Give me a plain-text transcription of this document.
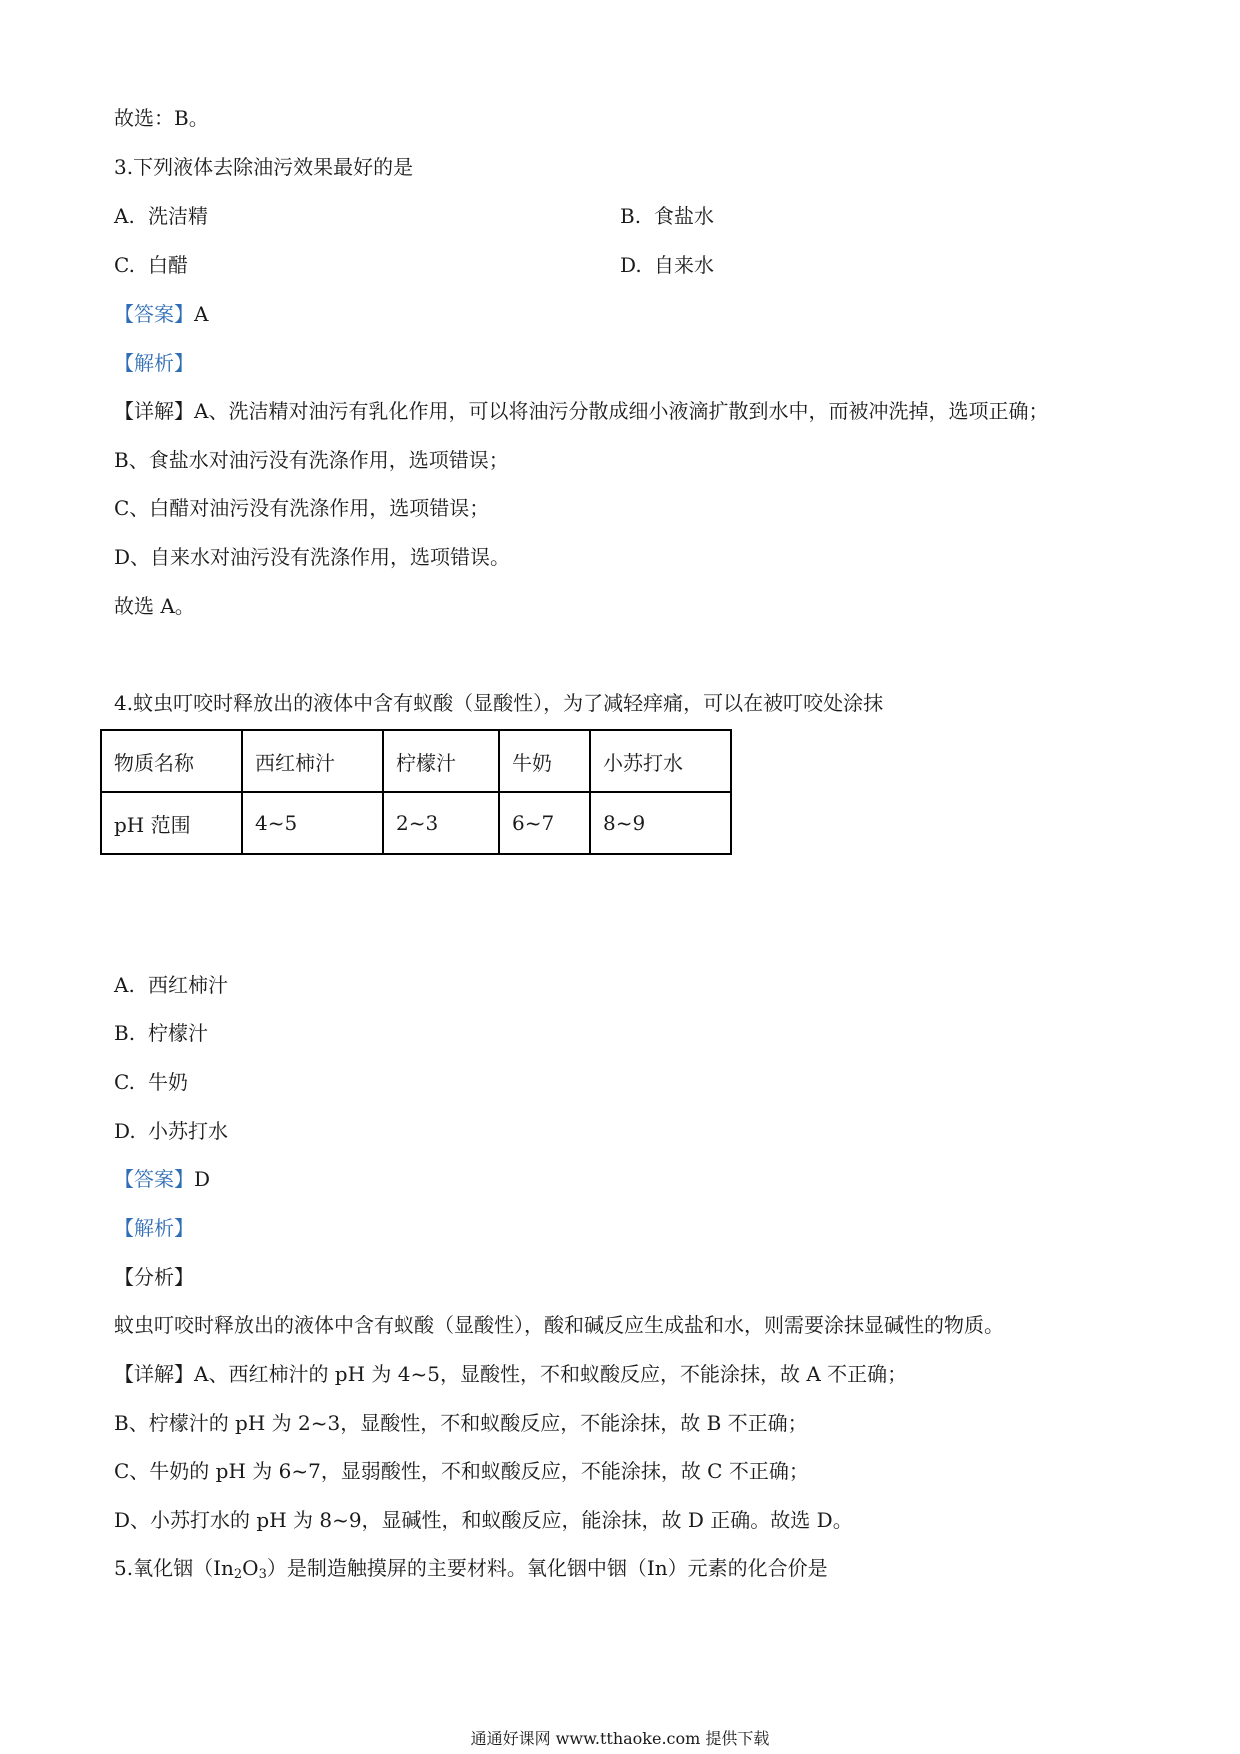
故选：B。

3.下列液体去除油污效果最好的是

A. 洗洁精	B. 食盐水
C. 白醋	D. 自来水

【答案】A

【解析】

【详解】A、洗洁精对油污有乳化作用，可以将油污分散成细小液滴扩散到水中，而被冲洗掉，选项正确；

B、食盐水对油污没有洗涤作用，选项错误；

C、白醋对油污没有洗涤作用，选项错误；

D、自来水对油污没有洗涤作用，选项错误。

故选 A。

4.蚊虫叮咬时释放出的液体中含有蚁酸（显酸性），为了减轻痒痛，可以在被叮咬处涂抹

物质名称	西红柿汁	柠檬汁	牛奶	小苏打水
pH 范围	4~5	2~3	6~7	8~9
A. 西红柿汁
B. 柠檬汁
C. 牛奶
D. 小苏打水

【答案】D

【解析】

【分析】

蚊虫叮咬时释放出的液体中含有蚁酸（显酸性），酸和碱反应生成盐和水，则需要涂抹显碱性的物质。

【详解】A、西红柿汁的 pH 为 4~5，显酸性，不和蚁酸反应，不能涂抹，故 A 不正确；

B、柠檬汁的 pH 为 2~3，显酸性，不和蚁酸反应，不能涂抹，故 B 不正确；

C、牛奶的 pH 为 6~7，显弱酸性，不和蚁酸反应，不能涂抹，故 C 不正确；

D、小苏打水的 pH 为 8~9，显碱性，和蚁酸反应，能涂抹，故 D 正确。故选 D。

5.氧化铟$(In_2O_3)$是制造触摸屏的主要材料。氧化铟中铟（In）元素的化合价是

通通好课网 www.tthaoke.com 提供下载
